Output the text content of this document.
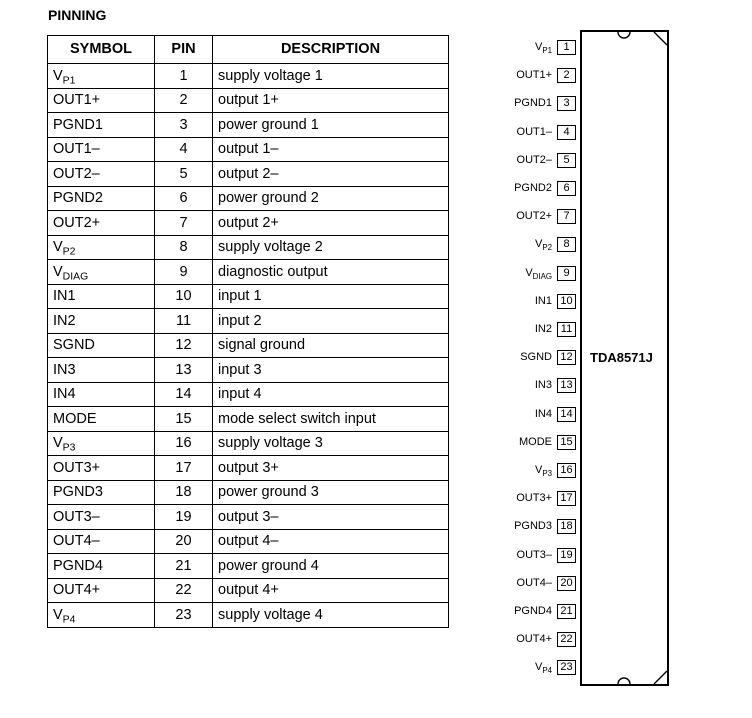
PINNING
SYMBOL	PIN	DESCRIPTION
$V_{P1}$	1	supply voltage 1
OUT1+	2	output 1+
PGND1	3	power ground 1
OUT1–	4	output 1–
OUT2–	5	output 2–
PGND2	6	power ground 2
OUT2+	7	output 2+
$V_{P2}$	8	supply voltage 2
$V_{DIAG}$	9	diagnostic output
IN1	10	input 1
IN2	11	input 2
SGND	12	signal ground
IN3	13	input 3
IN4	14	input 4
MODE	15	mode select switch input
$V_{P3}$	16	supply voltage 3
OUT3+	17	output 3+
PGND3	18	power ground 3
OUT3–	19	output 3–
OUT4–	20	output 4–
PGND4	21	power ground 4
OUT4+	22	output 4+
$V_{P4}$	23	supply voltage 4
TDA8571J
$V_{P1}$	1
OUT1+	2
PGND1	3
OUT1–	4
OUT2–	5
PGND2	6
OUT2+	7
$V_{P2}$	8
$V_{DIAG}$	9
IN1 10
IN2 11
SGND 12
IN3 13
IN4 14
MODE 15
$V_{P3}$ 16
OUT3+ 17
PGND3 18
OUT3– 19
OUT4– 20
PGND4 21
OUT4+ 22
$V_{P4}$ 23
